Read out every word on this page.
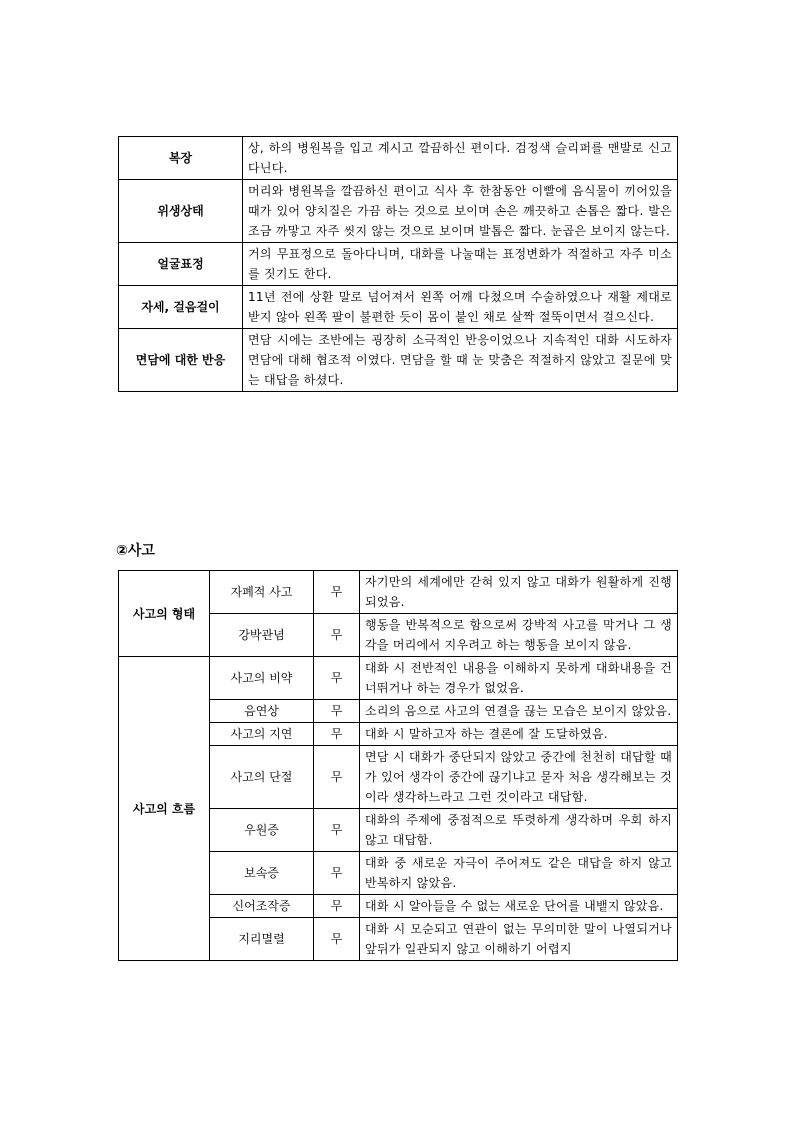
복장	상, 하의 병원복을 입고 계시고 깔끔하신 편이다. 검정색 슬리퍼를 맨발로 신고 다닌다.
위생상태	머리와 병원복을 깔끔하신 편이고 식사 후 한참동안 이빨에 음식물이 끼어있을 때가 있어 양치질은 가끔 하는 것으로 보이며 손은 깨끗하고 손톱은 짧다. 발은 조금 까맣고 자주 씻지 않는 것으로 보이며 발톱은 짧다. 눈곱은 보이지 않는다.
얼굴표정	거의 무표정으로 돌아다니며, 대화를 나눌때는 표정변화가 적절하고 자주 미소를 짓기도 한다.
자세, 걸음걸이	11년 전에 상환 말로 넘어져서 왼쪽 어깨 다쳤으며 수술하였으나 재활 제대로 받지 않아 왼쪽 팔이 불편한 듯이 몸이 붙인 채로 살짝 절뚝이면서 걸으신다.
면담에 대한 반응	면담 시에는 조반에는 굉장히 소극적인 반응이었으나 지속적인 대화 시도하자 면담에 대해 협조적 이였다. 면담을 할 때 눈 맞춤은 적절하지 않았고 질문에 맞는 대답을 하셨다.

②사고

사고의 형태	자폐적 사고	무	자기만의 세계에만 갇혀 있지 않고 대화가 원활하게 진행되었음.
	강박관념	무	행동을 반복적으로 함으로써 강박적 사고를 막거나 그 생각을 머리에서 지우려고 하는 행동을 보이지 않음.
사고의 흐름	사고의 비약	무	대화 시 전반적인 내용을 이해하지 못하게 대화내용을 건너뛰거나 하는 경우가 없었음.
	음연상	무	소리의 음으로 사고의 연결을 끊는 모습은 보이지 않았음.
	사고의 지연	무	대화 시 말하고자 하는 결론에 잘 도달하였음.
	사고의 단절	무	면담 시 대화가 중단되지 않았고 중간에 천천히 대답할 때가 있어 생각이 중간에 끊기냐고 묻자 처음 생각해보는 것이라 생각하느라고 그런 것이라고 대답함.
	우원증	무	대화의 주제에 중점적으로 뚜렷하게 생각하며 우회 하지 않고 대답함.
	보속증	무	대화 중 새로운 자극이 주어져도 같은 대답을 하지 않고 반복하지 않았음.
	신어조작증	무	대화 시 알아들을 수 없는 새로운 단어를 내뱉지 않았음.
	지리멸렬	무	대화 시 모순되고 연관이 없는 무의미한 말이 나열되거나 앞뒤가 일관되지 않고 이해하기 어렵지
